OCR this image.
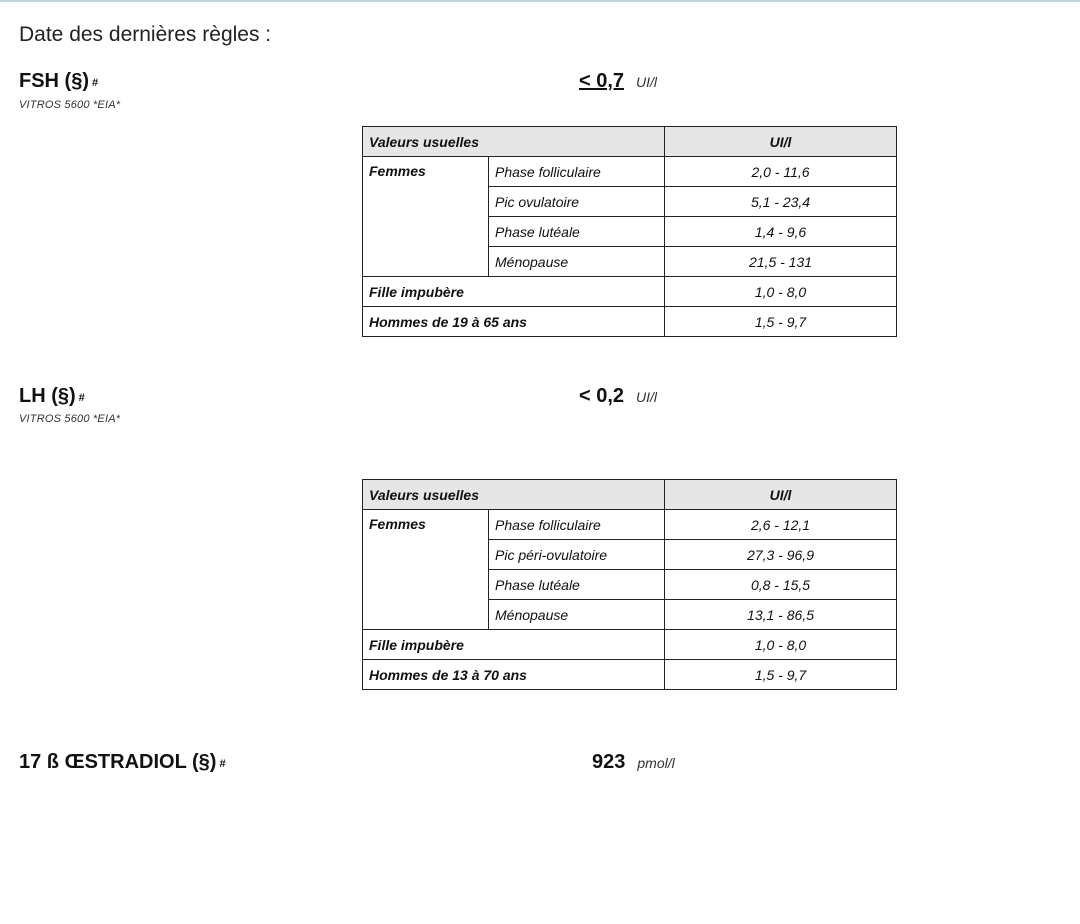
Date des dernières règles :
FSH (§) #
VITROS 5600 *EIA*
< 0,7 UI/l
Valeurs usuelles		UI/l
Femmes	Phase folliculaire	2,0 - 11,6
	Pic ovulatoire	5,1 - 23,4
	Phase lutéale	1,4 - 9,6
	Ménopause	21,5 - 131
Fille impubère		1,0 - 8,0
Hommes de 19 à 65 ans		1,5 - 9,7
LH (§) #
VITROS 5600 *EIA*
< 0,2 UI/l
Valeurs usuelles		UI/l
Femmes	Phase folliculaire	2,6 - 12,1
	Pic péri-ovulatoire	27,3 - 96,9
	Phase lutéale	0,8 - 15,5
	Ménopause	13,1 - 86,5
Fille impubère		1,0 - 8,0
Hommes de 13 à 70 ans		1,5 - 9,7
17 ß ŒSTRADIOL (§) #	923 pmol/l
